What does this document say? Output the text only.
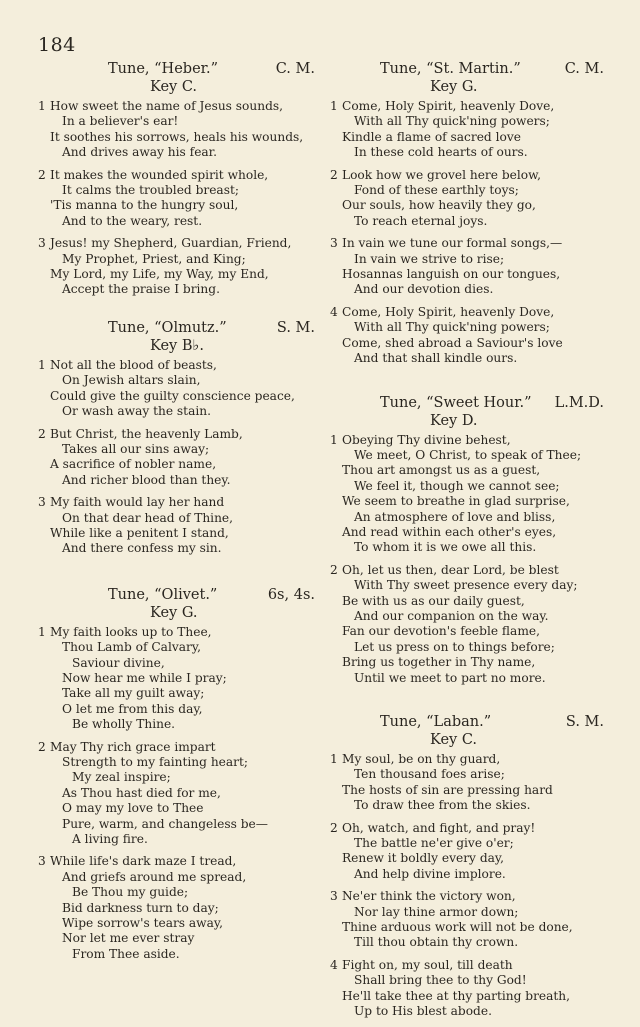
184
Tune, “Heber.”	C. M.
Key C.
1 How sweet the name of Jesus sounds,
In a believer's ear!
It soothes his sorrows, heals his wounds,
And drives away his fear.
2 It makes the wounded spirit whole,
It calms the troubled breast;
'Tis manna to the hungry soul,
And to the weary, rest.
3 Jesus! my Shepherd, Guardian, Friend,
My Prophet, Priest, and King;
My Lord, my Life, my Way, my End,
Accept the praise I bring.
Tune, “Olmutz.”	S. M.
Key B♭.
1 Not all the blood of beasts,
On Jewish altars slain,
Could give the guilty conscience peace,
Or wash away the stain.
2 But Christ, the heavenly Lamb,
Takes all our sins away;
A sacrifice of nobler name,
And richer blood than they.
3 My faith would lay her hand
On that dear head of Thine,
While like a penitent I stand,
And there confess my sin.
Tune, “Olivet.”	6s, 4s.
Key G.
1 My faith looks up to Thee,
Thou Lamb of Calvary,
Saviour divine,
Now hear me while I pray;
Take all my guilt away;
O let me from this day,
Be wholly Thine.
2 May Thy rich grace impart
Strength to my fainting heart;
My zeal inspire;
As Thou hast died for me,
O may my love to Thee
Pure, warm, and changeless be—
A living fire.
3 While life's dark maze I tread,
And griefs around me spread,
Be Thou my guide;
Bid darkness turn to day;
Wipe sorrow's tears away,
Nor let me ever stray
From Thee aside.
Tune, “St. Martin.”	C. M.
Key G.
1 Come, Holy Spirit, heavenly Dove,
With all Thy quick'ning powers;
Kindle a flame of sacred love
In these cold hearts of ours.
2 Look how we grovel here below,
Fond of these earthly toys;
Our souls, how heavily they go,
To reach eternal joys.
3 In vain we tune our formal songs,—
In vain we strive to rise;
Hosannas languish on our tongues,
And our devotion dies.
4 Come, Holy Spirit, heavenly Dove,
With all Thy quick'ning powers;
Come, shed abroad a Saviour's love
And that shall kindle ours.
Tune, “Sweet Hour.” L.M.D.
Key D.
1 Obeying Thy divine behest,
We meet, O Christ, to speak of Thee;
Thou art amongst us as a guest,
We feel it, though we cannot see;
We seem to breathe in glad surprise,
An atmosphere of love and bliss,
And read within each other's eyes,
To whom it is we owe all this.
2 Oh, let us then, dear Lord, be blest
With Thy sweet presence every day;
Be with us as our daily guest,
And our companion on the way.
Fan our devotion's feeble flame,
Let us press on to things before;
Bring us together in Thy name,
Until we meet to part no more.
Tune, “Laban.”	S. M.
Key C.
1 My soul, be on thy guard,
Ten thousand foes arise;
The hosts of sin are pressing hard
To draw thee from the skies.
2 Oh, watch, and fight, and pray!
The battle ne'er give o'er;
Renew it boldly every day,
And help divine implore.
3 Ne'er think the victory won,
Nor lay thine armor down;
Thine arduous work will not be done,
Till thou obtain thy crown.
4 Fight on, my soul, till death
Shall bring thee to thy God!
He'll take thee at thy parting breath,
Up to His blest abode.
